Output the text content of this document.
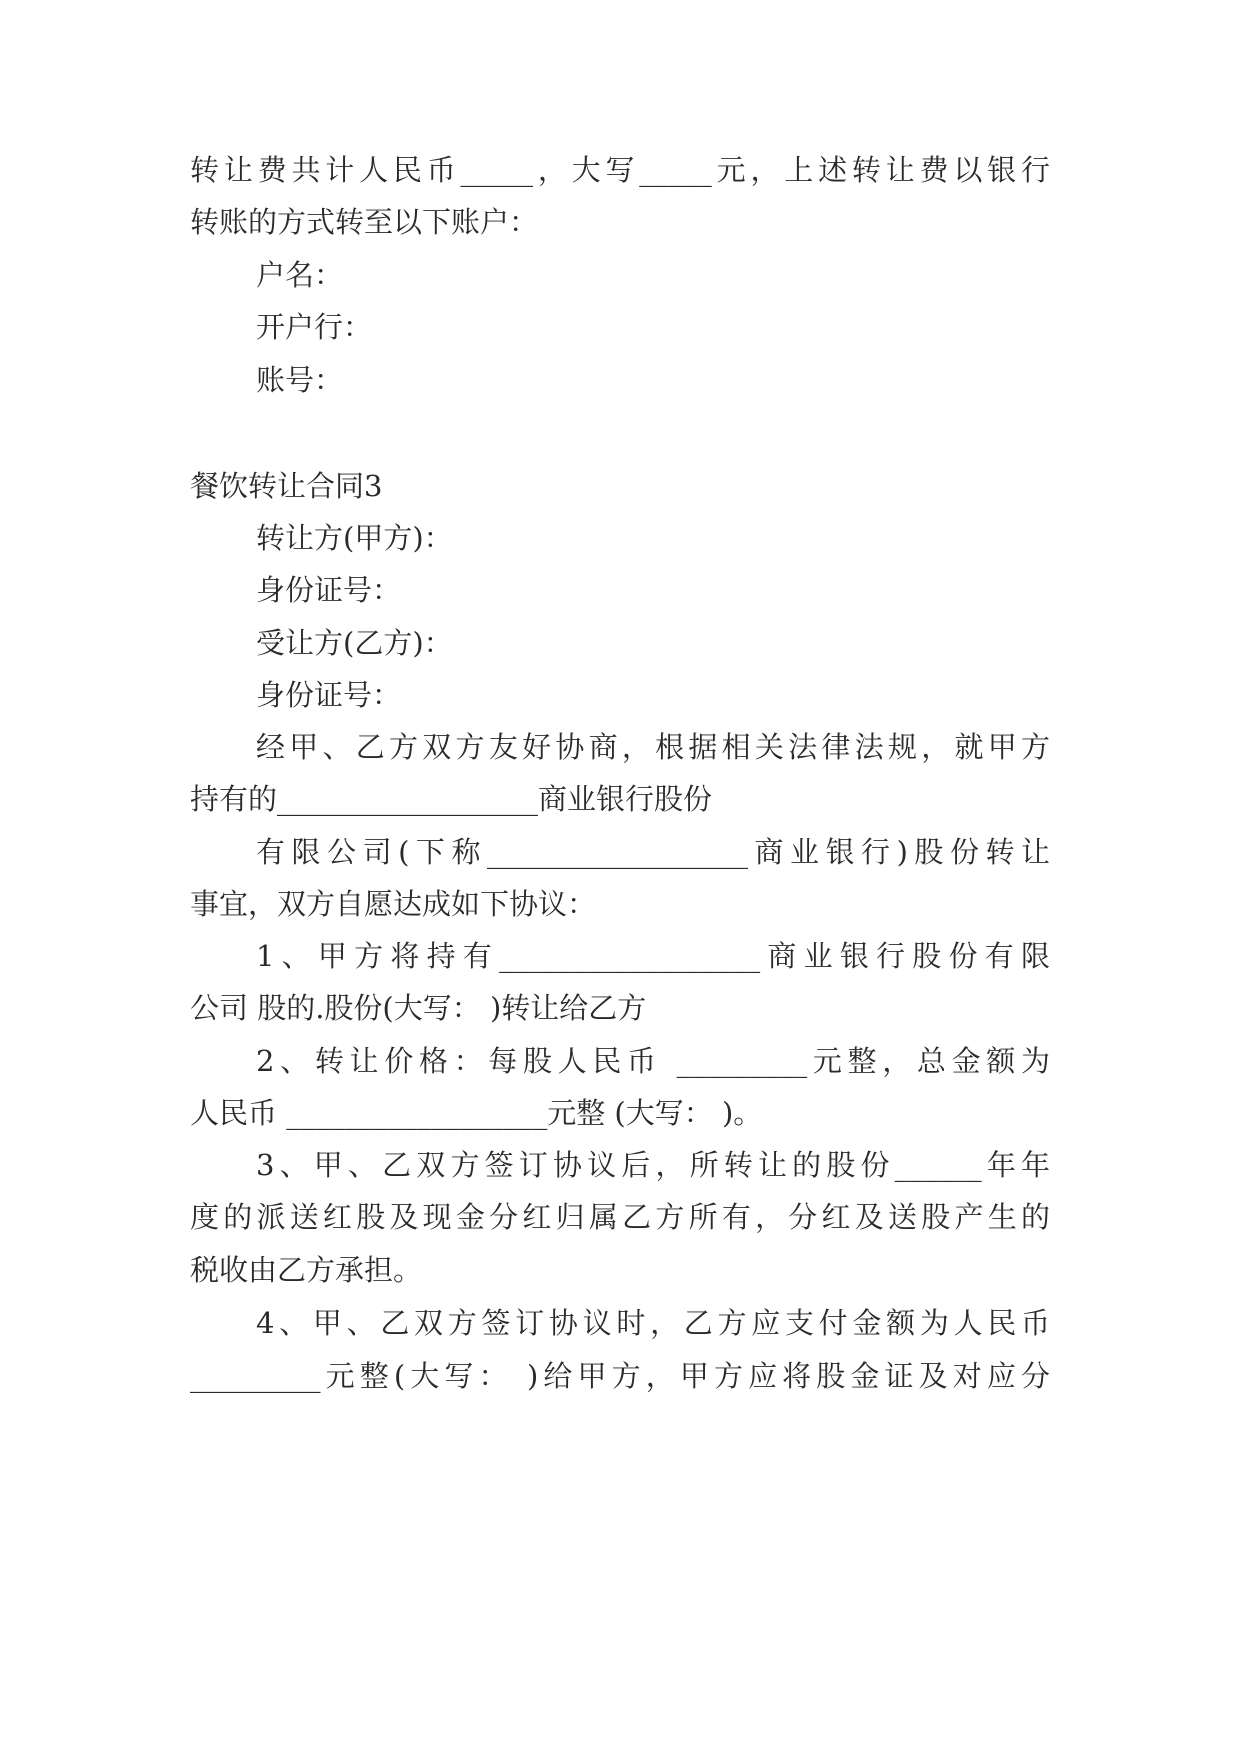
转让费共计人民币_____，大写_____元，上述转让费以银行
转账的方式转至以下账户：
户名：
开户行：
账号：
餐饮转让合同3
转让方(甲方)：
身份证号：
受让方(乙方)：
身份证号：
经甲、乙方双方友好协商，根据相关法律法规，就甲方
持有的__________________商业银行股份
有限公司(下称__________________商业银行)股份转让
事宜，双方自愿达成如下协议：
1、甲方将持有__________________商业银行股份有限
公司 股的.股份(大写： )转让给乙方
2、转让价格：每股人民币 _________元整，总金额为
人民币 __________________元整 (大写： )。
3、甲、乙双方签订协议后，所转让的股份______年年
度的派送红股及现金分红归属乙方所有，分红及送股产生的
税收由乙方承担。
4、甲、乙双方签订协议时，乙方应支付金额为人民币
_________元整(大写： )给甲方，甲方应将股金证及对应分
